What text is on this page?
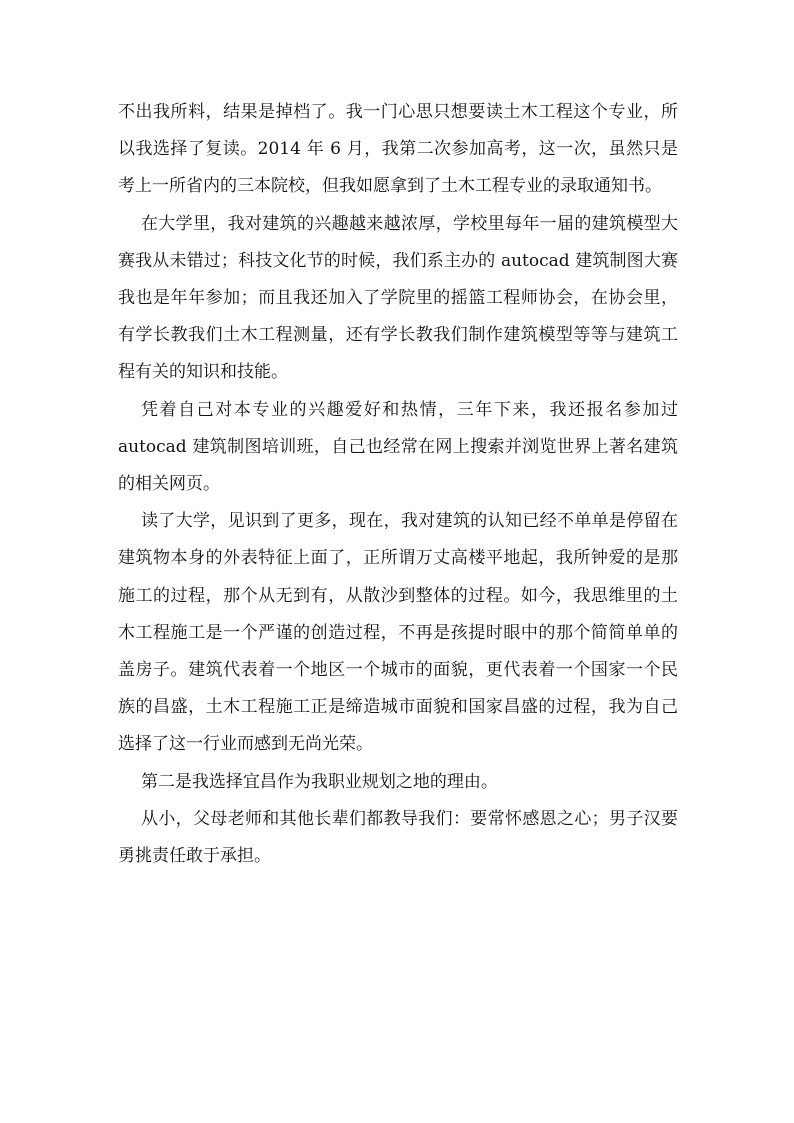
不出我所料，结果是掉档了。我一门心思只想要读土木工程这个专业，所以我选择了复读。2014 年 6 月，我第二次参加高考，这一次，虽然只是考上一所省内的三本院校，但我如愿拿到了土木工程专业的录取通知书。

在大学里，我对建筑的兴趣越来越浓厚，学校里每年一届的建筑模型大赛我从未错过；科技文化节的时候，我们系主办的 autocad 建筑制图大赛我也是年年参加；而且我还加入了学院里的摇篮工程师协会，在协会里，有学长教我们土木工程测量，还有学长教我们制作建筑模型等等与建筑工程有关的知识和技能。

凭着自己对本专业的兴趣爱好和热情，三年下来，我还报名参加过 autocad 建筑制图培训班，自己也经常在网上搜索并浏览世界上著名建筑的相关网页。

读了大学，见识到了更多，现在，我对建筑的认知已经不单单是停留在建筑物本身的外表特征上面了，正所谓万丈高楼平地起，我所钟爱的是那施工的过程，那个从无到有，从散沙到整体的过程。如今，我思维里的土木工程施工是一个严谨的创造过程，不再是孩提时眼中的那个简简单单的盖房子。建筑代表着一个地区一个城市的面貌，更代表着一个国家一个民族的昌盛，土木工程施工正是缔造城市面貌和国家昌盛的过程，我为自己选择了这一行业而感到无尚光荣。

第二是我选择宜昌作为我职业规划之地的理由。

从小，父母老师和其他长辈们都教导我们：要常怀感恩之心；男子汉要勇挑责任敢于承担。
